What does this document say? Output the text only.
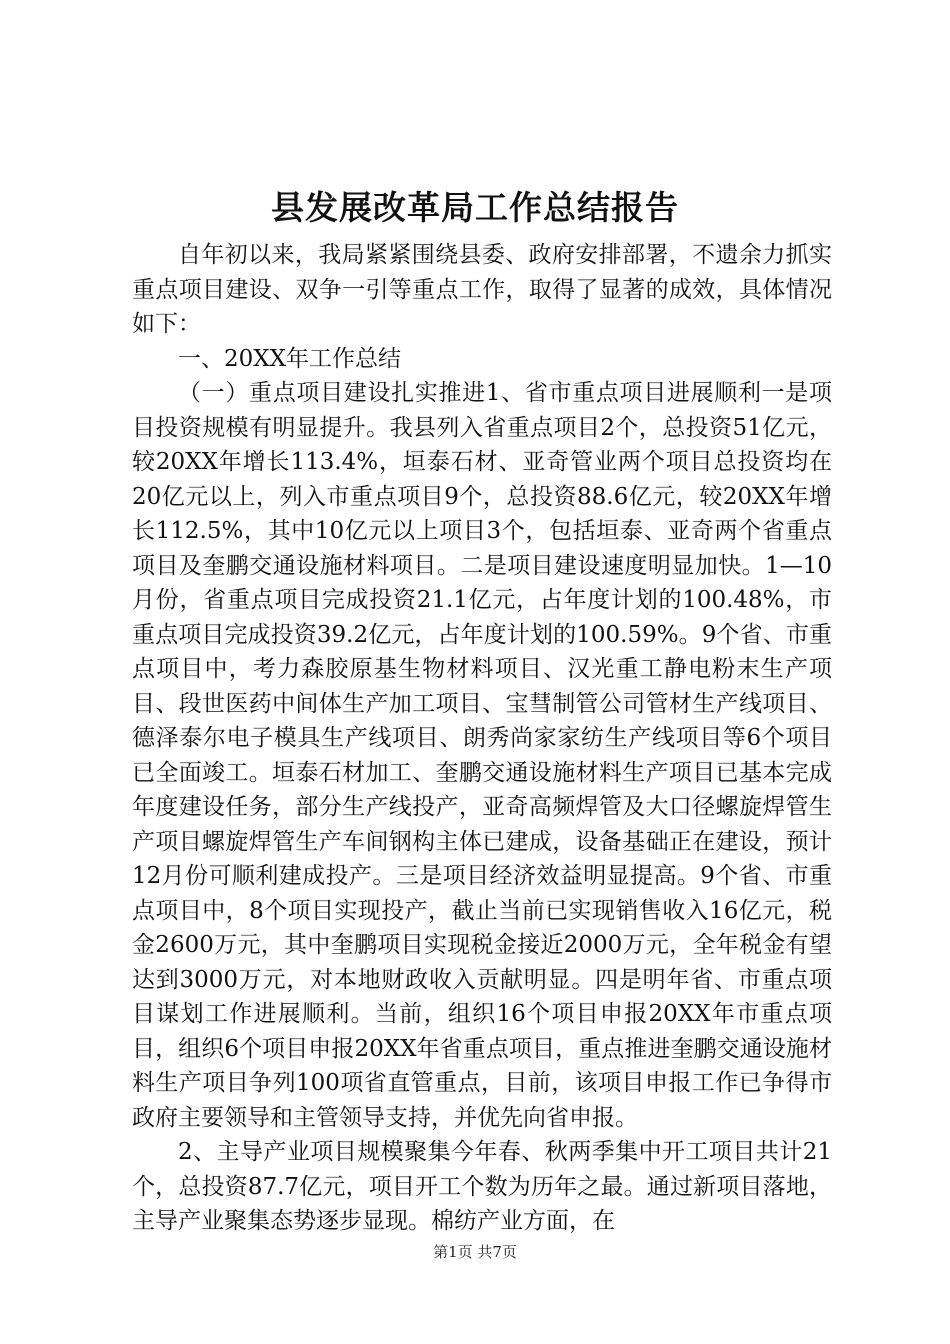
县发展改革局工作总结报告

自年初以来，我局紧紧围绕县委、政府安排部署，不遗余力抓实重点项目建设、双争一引等重点工作，取得了显著的成效，具体情况如下：

一、20XX年工作总结

（一）重点项目建设扎实推进1、省市重点项目进展顺利一是项目投资规模有明显提升。我县列入省重点项目2个，总投资51亿元，较20XX年增长113.4%，垣泰石材、亚奇管业两个项目总投资均在20亿元以上，列入市重点项目9个，总投资88.6亿元，较20XX年增长112.5%，其中10亿元以上项目3个，包括垣泰、亚奇两个省重点项目及奎鹏交通设施材料项目。二是项目建设速度明显加快。1—10月份，省重点项目完成投资21.1亿元，占年度计划的100.48%，市重点项目完成投资39.2亿元，占年度计划的100.59%。9个省、市重点项目中，考力森胶原基生物材料项目、汉光重工静电粉末生产项目、段世医药中间体生产加工项目、宝彗制管公司管材生产线项目、德泽泰尔电子模具生产线项目、朗秀尚家家纺生产线项目等6个项目已全面竣工。垣泰石材加工、奎鹏交通设施材料生产项目已基本完成年度建设任务，部分生产线投产，亚奇高频焊管及大口径螺旋焊管生产项目螺旋焊管生产车间钢构主体已建成，设备基础正在建设，预计12月份可顺利建成投产。三是项目经济效益明显提高。9个省、市重点项目中，8个项目实现投产，截止当前已实现销售收入16亿元，税金2600万元，其中奎鹏项目实现税金接近2000万元，全年税金有望达到3000万元，对本地财政收入贡献明显。四是明年省、市重点项目谋划工作进展顺利。当前，组织16个项目申报20XX年市重点项目，组织6个项目申报20XX年省重点项目，重点推进奎鹏交通设施材料生产项目争列100项省直管重点，目前，该项目申报工作已争得市政府主要领导和主管领导支持，并优先向省申报。

2、主导产业项目规模聚集今年春、秋两季集中开工项目共计21个，总投资87.7亿元，项目开工个数为历年之最。通过新项目落地，主导产业聚集态势逐步显现。棉纺产业方面，在

第1页 共7页
